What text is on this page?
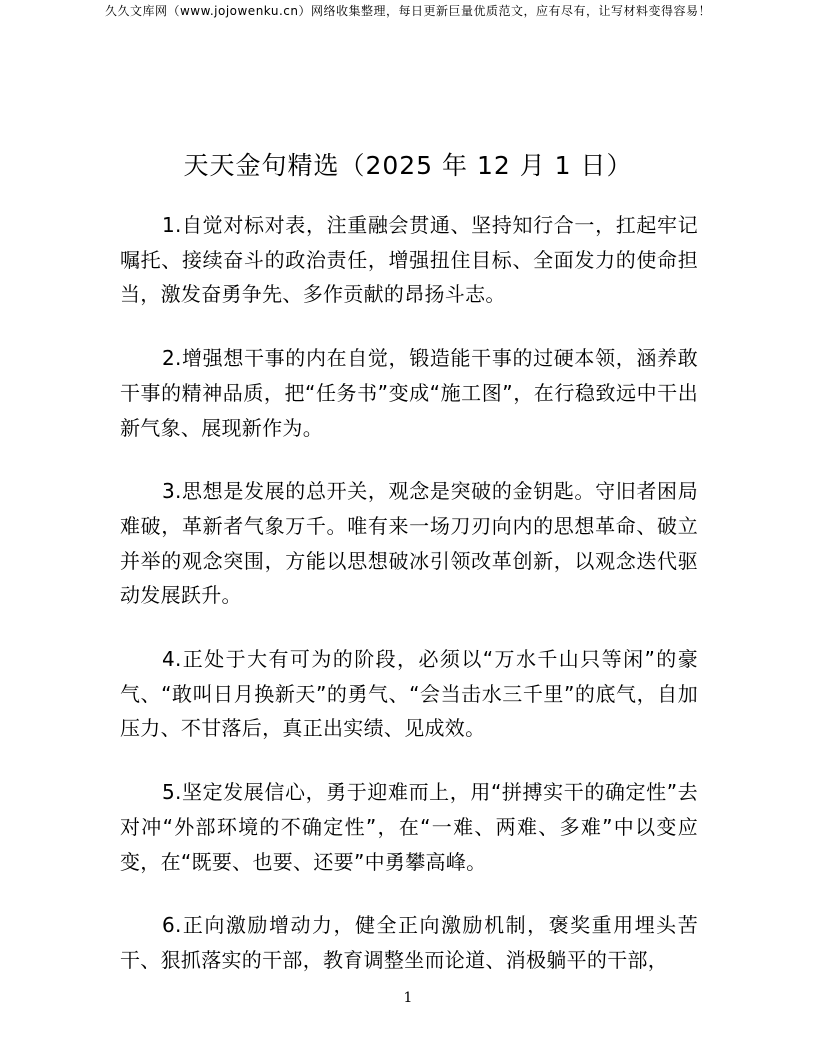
久久文库网（www.jojowenku.cn）网络收集整理，每日更新巨量优质范文，应有尽有，让写材料变得容易！
天天金句精选（2025 年 12 月 1 日）

1.自觉对标对表，注重融会贯通、坚持知行合一，扛起牢记嘱托、接续奋斗的政治责任，增强扭住目标、全面发力的使命担当，激发奋勇争先、多作贡献的昂扬斗志。

2.增强想干事的内在自觉，锻造能干事的过硬本领，涵养敢干事的精神品质，把“任务书”变成“施工图”，在行稳致远中干出新气象、展现新作为。

3.思想是发展的总开关，观念是突破的金钥匙。守旧者困局难破，革新者气象万千。唯有来一场刀刃向内的思想革命、破立并举的观念突围，方能以思想破冰引领改革创新，以观念迭代驱动发展跃升。

4.正处于大有可为的阶段，必须以“万水千山只等闲”的豪气、“敢叫日月换新天”的勇气、“会当击水三千里”的底气，自加压力、不甘落后，真正出实绩、见成效。

5.坚定发展信心，勇于迎难而上，用“拼搏实干的确定性”去对冲“外部环境的不确定性”，在“一难、两难、多难”中以变应变，在“既要、也要、还要”中勇攀高峰。

6.正向激励增动力，健全正向激励机制，褒奖重用埋头苦干、狠抓落实的干部，教育调整坐而论道、消极躺平的干部，

1
